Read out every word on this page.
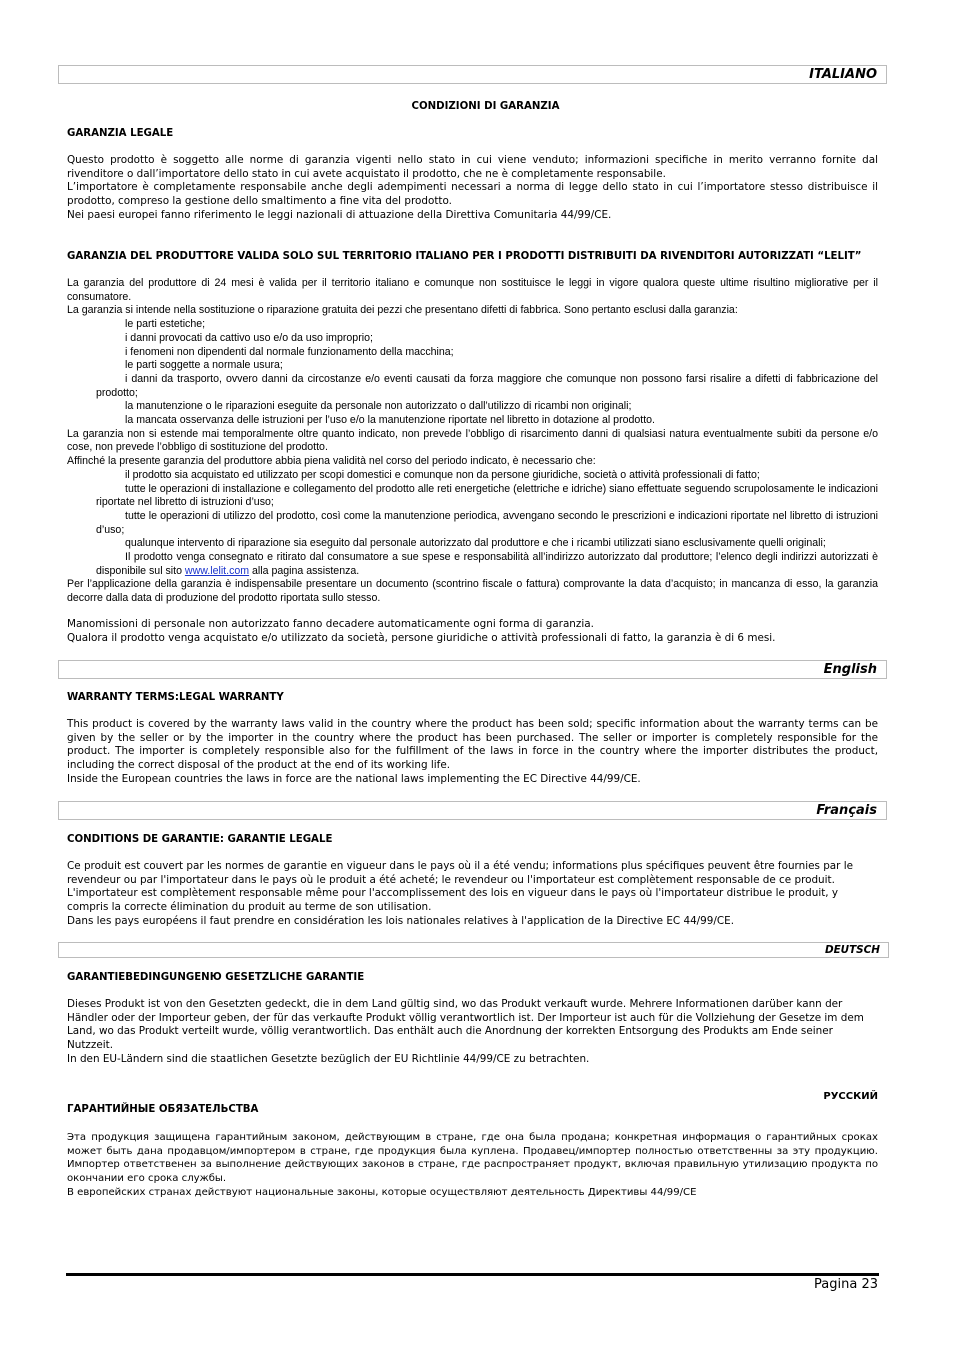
ITALIANO

CONDIZIONI DI GARANZIA

GARANZIA LEGALE

Questo prodotto è soggetto alle norme di garanzia vigenti nello stato in cui viene venduto; informazioni specifiche in merito verranno fornite dal rivenditore o dall’importatore dello stato in cui avete acquistato il prodotto, che ne è completamente responsabile.
L’importatore è completamente responsabile anche degli adempimenti necessari a norma di legge dello stato in cui l’importatore stesso distribuisce il prodotto, compreso la gestione dello smaltimento a fine vita del prodotto.
Nei paesi europei fanno riferimento le leggi nazionali di attuazione della Direttiva Comunitaria 44/99/CE.

GARANZIA DEL PRODUTTORE VALIDA SOLO SUL TERRITORIO ITALIANO PER I PRODOTTI DISTRIBUITI DA RIVENDITORI AUTORIZZATI “LELIT”

La garanzia del produttore di 24 mesi è valida per il territorio italiano e comunque non sostituisce le leggi in vigore qualora queste ultime risultino migliorative per il consumatore.
La garanzia si intende nella sostituzione o riparazione gratuita dei pezzi che presentano difetti di fabbrica. Sono pertanto esclusi dalla garanzia:
le parti estetiche;
i danni provocati da cattivo uso e/o da uso improprio;
i fenomeni non dipendenti dal normale funzionamento della macchina;
le parti soggette a normale usura;
i danni da trasporto, ovvero danni da circostanze e/o eventi causati da forza maggiore che comunque non possono farsi risalire a difetti di fabbricazione del prodotto;
la manutenzione o le riparazioni eseguite da personale non autorizzato o dall’utilizzo di ricambi non originali;
la mancata osservanza delle istruzioni per l’uso e/o la manutenzione riportate nel libretto in dotazione al prodotto.
La garanzia non si estende mai temporalmente oltre quanto indicato, non prevede l’obbligo di risarcimento danni di qualsiasi natura eventualmente subiti da persone e/o cose, non prevede l’obbligo di sostituzione del prodotto.
Affinché la presente garanzia del produttore abbia piena validità nel corso del periodo indicato, è necessario che:
il prodotto sia acquistato ed utilizzato per scopi domestici e comunque non da persone giuridiche, società o attività professionali di fatto;
tutte le operazioni di installazione e collegamento del prodotto alle reti energetiche (elettriche e idriche) siano effettuate seguendo scrupolosamente le indicazioni riportate nel libretto di istruzioni d’uso;
tutte le operazioni di utilizzo del prodotto, così come la manutenzione periodica, avvengano secondo le prescrizioni e indicazioni riportate nel libretto di istruzioni d’uso;
qualunque intervento di riparazione sia eseguito dal personale autorizzato dal produttore e che i ricambi utilizzati siano esclusivamente quelli originali;
Il prodotto venga consegnato e ritirato dal consumatore a sue spese e responsabilità all’indirizzo autorizzato dal produttore; l’elenco degli indirizzi autorizzati è disponibile sul sito www.lelit.com alla pagina assistenza.
Per l’applicazione della garanzia è indispensabile presentare un documento (scontrino fiscale o fattura) comprovante la data d’acquisto; in mancanza di esso, la garanzia decorre dalla data di produzione del prodotto riportata sullo stesso.
Manomissioni di personale non autorizzato fanno decadere automaticamente ogni forma di garanzia.
Qualora il prodotto venga acquistato e/o utilizzato da società, persone giuridiche o attività professionali di fatto, la garanzia è di 6 mesi.
English

WARRANTY TERMS:LEGAL WARRANTY

This product is covered by the warranty laws valid in the country where the product has been sold; specific information about the warranty terms can be given by the seller or by the importer in the country where the product has been purchased. The seller or importer is completely responsible for the product. The importer is completely responsible also for the fulfillment of the laws in force in the country where the importer distributes the product, including the correct disposal of the product at the end of its working life.
Inside the European countries the laws in force are the national laws implementing the EC Directive 44/99/CE.
Français

CONDITIONS DE GARANTIE: GARANTIE LEGALE

Ce produit est couvert par les normes de garantie en vigueur dans le pays où il a été vendu; informations plus spécifiques peuvent être fournies par le revendeur ou par l'importateur dans le pays où le produit a été acheté; le revendeur ou l'importateur est complètement responsable de ce produit. L'importateur est complètement responsable même pour l'accomplissement des lois en vigueur dans le pays où l'importateur distribue le produit, y compris la correcte élimination du produit au terme de son utilisation.
Dans les pays européens il faut prendre en considération les lois nationales relatives à l'application de la Directive EC 44/99/CE.
DEUTSCH

GARANTIEBEDINGUNGENЮ GESETZLICHE GARANTIE

Dieses Produkt ist von den Gesetzten gedeckt, die in dem Land gültig sind, wo das Produkt verkauft wurde. Mehrere Informationen darüber kann der Händler oder der Importeur geben, der für das verkaufte Produkt völlig verantwortlich ist. Der Importeur ist auch für die Vollziehung der Gesetze im dem Land, wo das Produkt verteilt wurde, völlig verantwortlich. Das enthält auch die Anordnung der korrekten Entsorgung des Produkts am Ende seiner Nutzzeit.
In den EU-Ländern sind die staatlichen Gesetzte bezüglich der EU Richtlinie 44/99/CE zu betrachten.

РУССКИЙ

ГАРАНТИЙНЫЕ ОБЯЗАТЕЛЬСТВА

Эта продукция защищена гарантийным законом, действующим в стране, где она была продана; конкретная информация о гарантийных сроках может быть дана продавцом/импортером в стране, где продукция была куплена. Продавец/импортер полностью ответственны за эту продукцию. Импортер ответственен за выполнение действующих законов в стране, где распространяет продукт, включая правильную утилизацию продукта по окончании его срока службы.
В европейских странах действуют национальные законы, которые осуществляют деятельность Директивы 44/99/CE
Pagina 23
